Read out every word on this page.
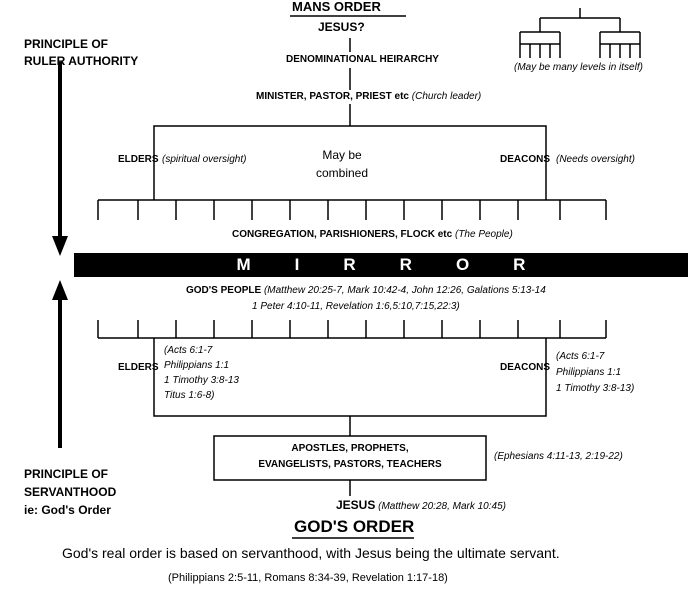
MANS ORDER
JESUS?
DENOMINATIONAL HEIRARCHY
MINISTER, PASTOR, PRIEST etc (Church leader)
(May be many levels in itself)
PRINCIPLE OF
RULER AUTHORITY
ELDERS (spiritual oversight)	May be
combined
DEACONS (Needs oversight)
CONGREGATION, PARISHIONERS, FLOCK etc (The People)
MIRROR
GOD'S PEOPLE (Matthew 20:25-7, Mark 10:42-4, John 12:26, Galations 5:13-14
1 Peter 4:10-11, Revelation 1:6,5:10,7:15,22:3)
ELDERS
(Acts 6:1-7
Philippians 1:1
1 Timothy 3:8-13
Titus 1:6-8)
DEACONS
(Acts 6:1-7
Philippians 1:1
1 Timothy 3:8-13)
APOSTLES, PROPHETS,
EVANGELISTS, PASTORS, TEACHERS
(Ephesians 4:11-13, 2:19-22)
PRINCIPLE OF
SERVANTHOOD
ie: God's Order	JESUS (Matthew 20:28, Mark 10:45)
GOD'S ORDER
God's real order is based on servanthood, with Jesus being the ultimate servant.
(Philippians 2:5-11, Romans 8:34-39, Revelation 1:17-18)
